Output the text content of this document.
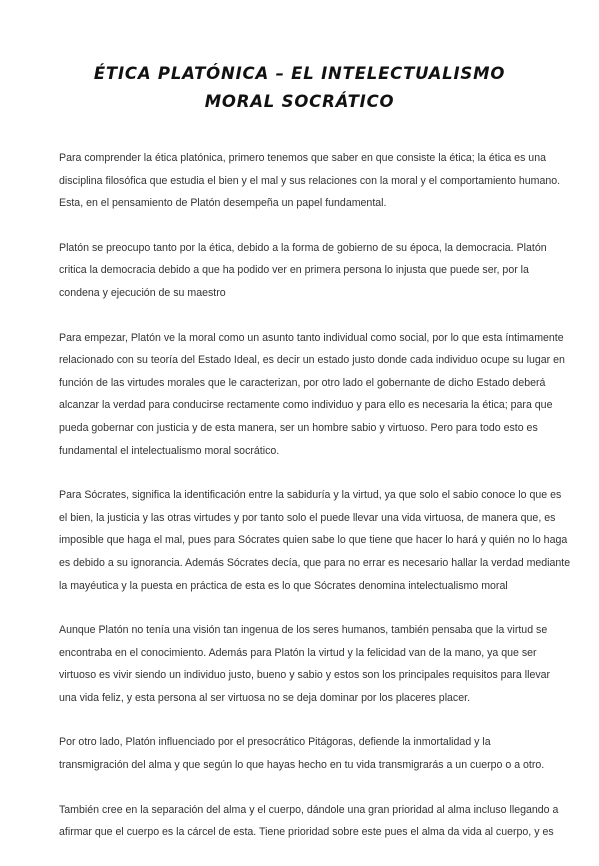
ÉTICA PLATÓNICA – EL INTELECTUALISMO
MORAL SOCRÁTICO

Para comprender la ética platónica, primero tenemos que saber en que consiste la ética; la ética es una
disciplina filosófica que estudia el bien y el mal y sus relaciones con la moral y el comportamiento humano.
Esta, en el pensamiento de Platón desempeña un papel fundamental.

Platón se preocupo tanto por la ética, debido a la forma de gobierno de su época, la democracia. Platón
critica la democracia debido a que ha podido ver en primera persona lo injusta que puede ser, por la
condena y ejecución de su maestro

Para empezar, Platón ve la moral como un asunto tanto individual como social, por lo que esta íntimamente
relacionado con su teoría del Estado Ideal, es decir un estado justo donde cada individuo ocupe su lugar en
función de las virtudes morales que le caracterizan, por otro lado el gobernante de dicho Estado deberá
alcanzar la verdad para conducirse rectamente como individuo y para ello es necesaria la ética; para que
pueda gobernar con justicia y de esta manera, ser un hombre sabio y virtuoso. Pero para todo esto es
fundamental el intelectualismo moral socrático.

Para Sócrates, significa la identificación entre la sabiduría y la virtud, ya que solo el sabio conoce lo que es
el bien, la justicia y las otras virtudes y por tanto solo el puede llevar una vida virtuosa, de manera que, es
imposible que haga el mal, pues para Sócrates quien sabe lo que tiene que hacer lo hará y quién no lo haga
es debido a su ignorancia. Además Sócrates decía, que para no errar es necesario hallar la verdad mediante
la mayéutica y la puesta en práctica de esta es lo que Sócrates denomina intelectualismo moral

Aunque Platón no tenía una visión tan ingenua de los seres humanos, también pensaba que la virtud se
encontraba en el conocimiento. Además para Platón la virtud y la felicidad van de la mano, ya que ser
virtuoso es vivir siendo un individuo justo, bueno y sabio y estos son los principales requisitos para llevar
una vida feliz, y esta persona al ser virtuosa no se deja dominar por los placeres placer.

Por otro lado, Platón influenciado por el presocrático Pitágoras, defiende la inmortalidad y la
transmigración del alma y que según lo que hayas hecho en tu vida transmigrarás a un cuerpo o a otro.

También cree en la separación del alma y el cuerpo, dándole una gran prioridad al alma incluso llegando a
afirmar que el cuerpo es la cárcel de esta. Tiene prioridad sobre este pues el alma da vida al cuerpo, y es
